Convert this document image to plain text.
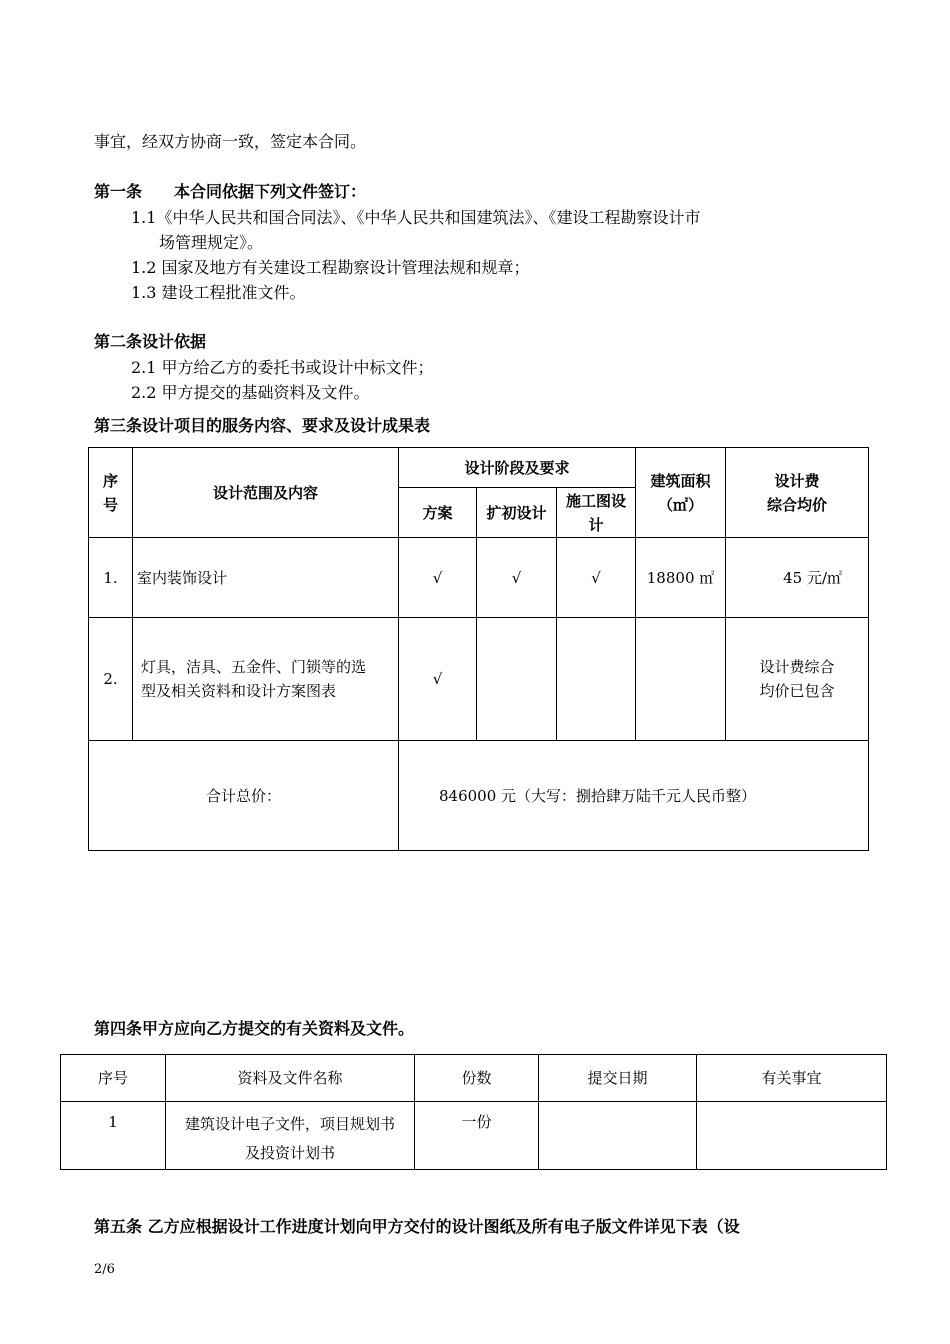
事宜，经双方协商一致，签定本合同。
第一条　　本合同依据下列文件签订：
1.1《中华人民共和国合同法》、《中华人民共和国建筑法》、《建设工程勘察设计市
场管理规定》。
1.2 国家及地方有关建设工程勘察设计管理法规和规章；
1.3 建设工程批准文件。
第二条设计依据
2.1 甲方给乙方的委托书或设计中标文件；
2.2 甲方提交的基础资料及文件。
第三条设计项目的服务内容、要求及设计成果表
序
号	设计范围及内容	设计阶段及要求			建筑面积
（㎡）	设计费
综合均价
		方案	扩初设计	施工图设
计		
1.	室内装饰设计	√	√	√	18800 ㎡	45 元/㎡
2.	灯具，洁具、五金件、门锁等的选
型及相关资料和设计方案图表	√				设计费综合
均价已包含
合计总价：		846000 元（大写：捌拾肆万陆千元人民币整）				
第四条甲方应向乙方提交的有关资料及文件。
序号	资料及文件名称	份数	提交日期	有关事宜
1	建筑设计电子文件，项目规划书
及投资计划书	一份		
第五条 乙方应根据设计工作进度计划向甲方交付的设计图纸及所有电子版文件详见下表（设
2/6
